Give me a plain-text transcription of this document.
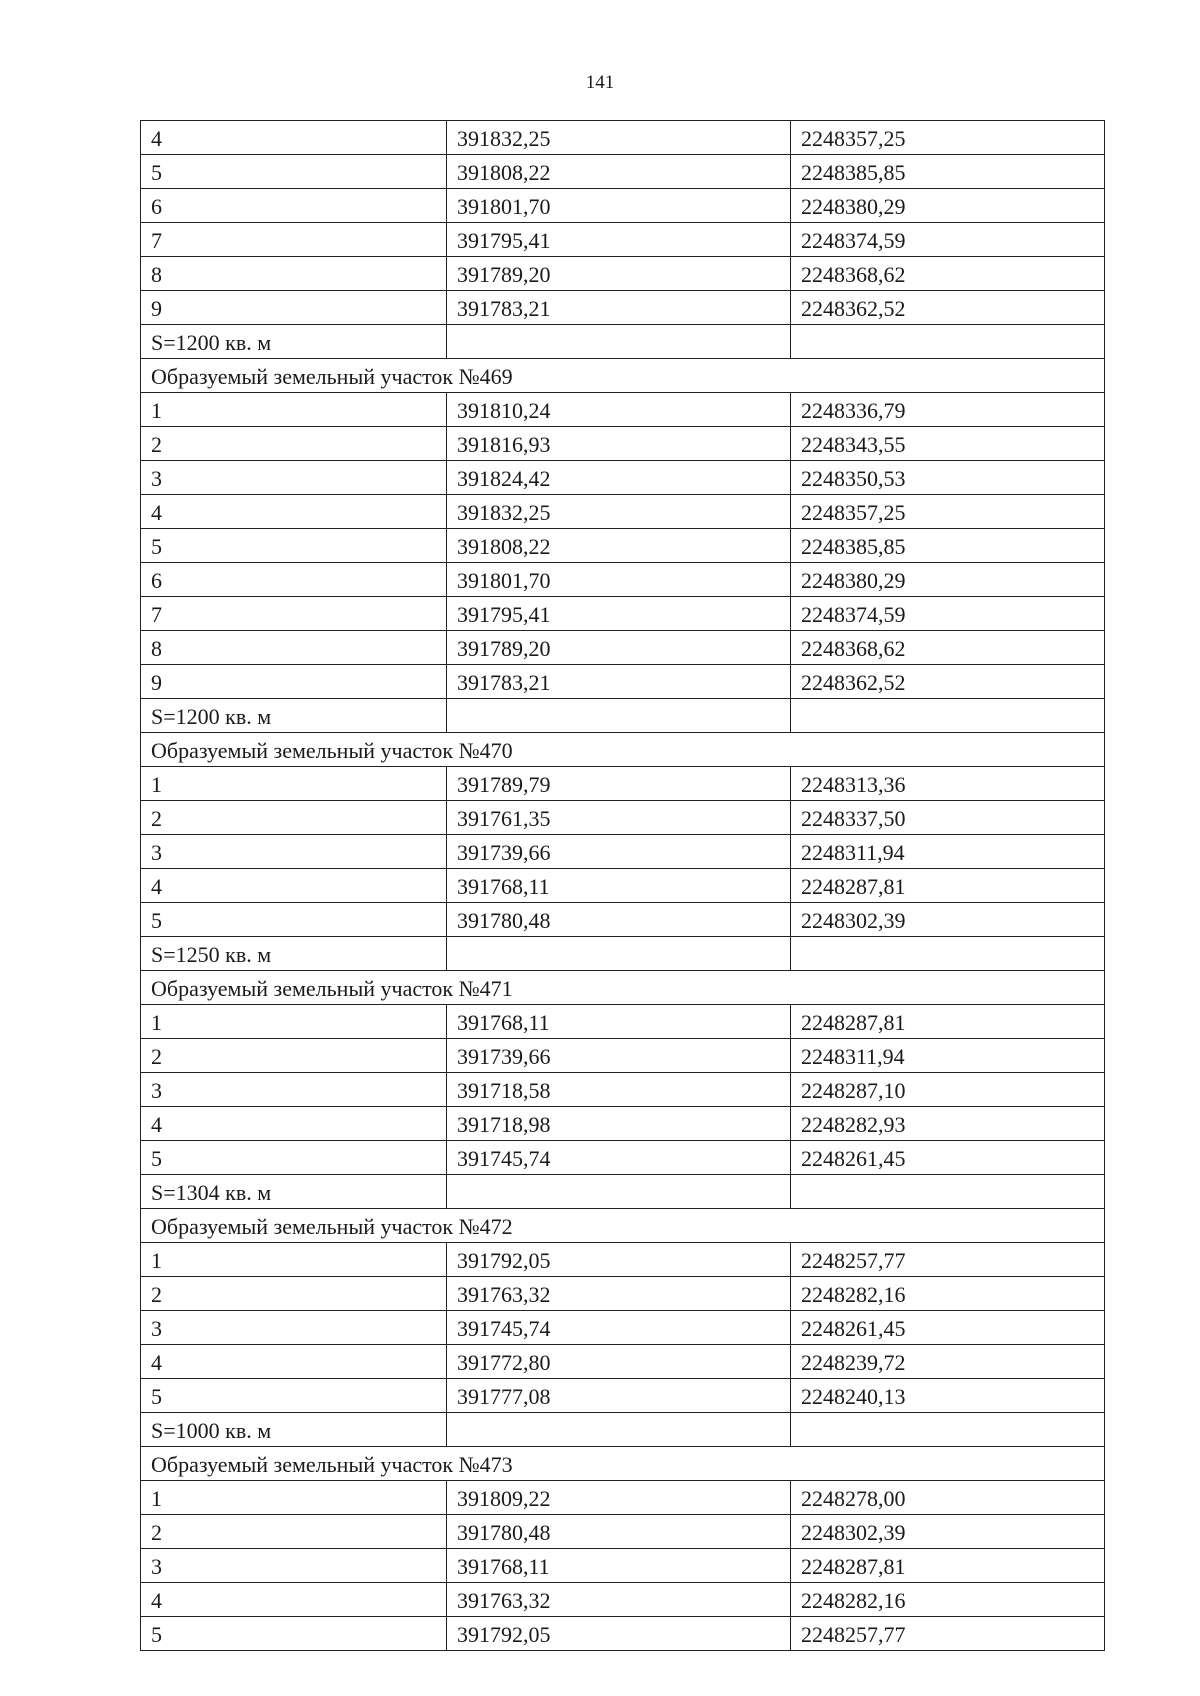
141
4	391832,25	2248357,25
5	391808,22	2248385,85
6	391801,70	2248380,29
7	391795,41	2248374,59
8	391789,20	2248368,62
9	391783,21	2248362,52
S=1200 кв. м		
Образуемый земельный участок №469		
1	391810,24	2248336,79
2	391816,93	2248343,55
3	391824,42	2248350,53
4	391832,25	2248357,25
5	391808,22	2248385,85
6	391801,70	2248380,29
7	391795,41	2248374,59
8	391789,20	2248368,62
9	391783,21	2248362,52
S=1200 кв. м		
Образуемый земельный участок №470		
1	391789,79	2248313,36
2	391761,35	2248337,50
3	391739,66	2248311,94
4	391768,11	2248287,81
5	391780,48	2248302,39
S=1250 кв. м		
Образуемый земельный участок №471		
1	391768,11	2248287,81
2	391739,66	2248311,94
3	391718,58	2248287,10
4	391718,98	2248282,93
5	391745,74	2248261,45
S=1304 кв. м		
Образуемый земельный участок №472		
1	391792,05	2248257,77
2	391763,32	2248282,16
3	391745,74	2248261,45
4	391772,80	2248239,72
5	391777,08	2248240,13
S=1000 кв. м		
Образуемый земельный участок №473		
1	391809,22	2248278,00
2	391780,48	2248302,39
3	391768,11	2248287,81
4	391763,32	2248282,16
5	391792,05	2248257,77
